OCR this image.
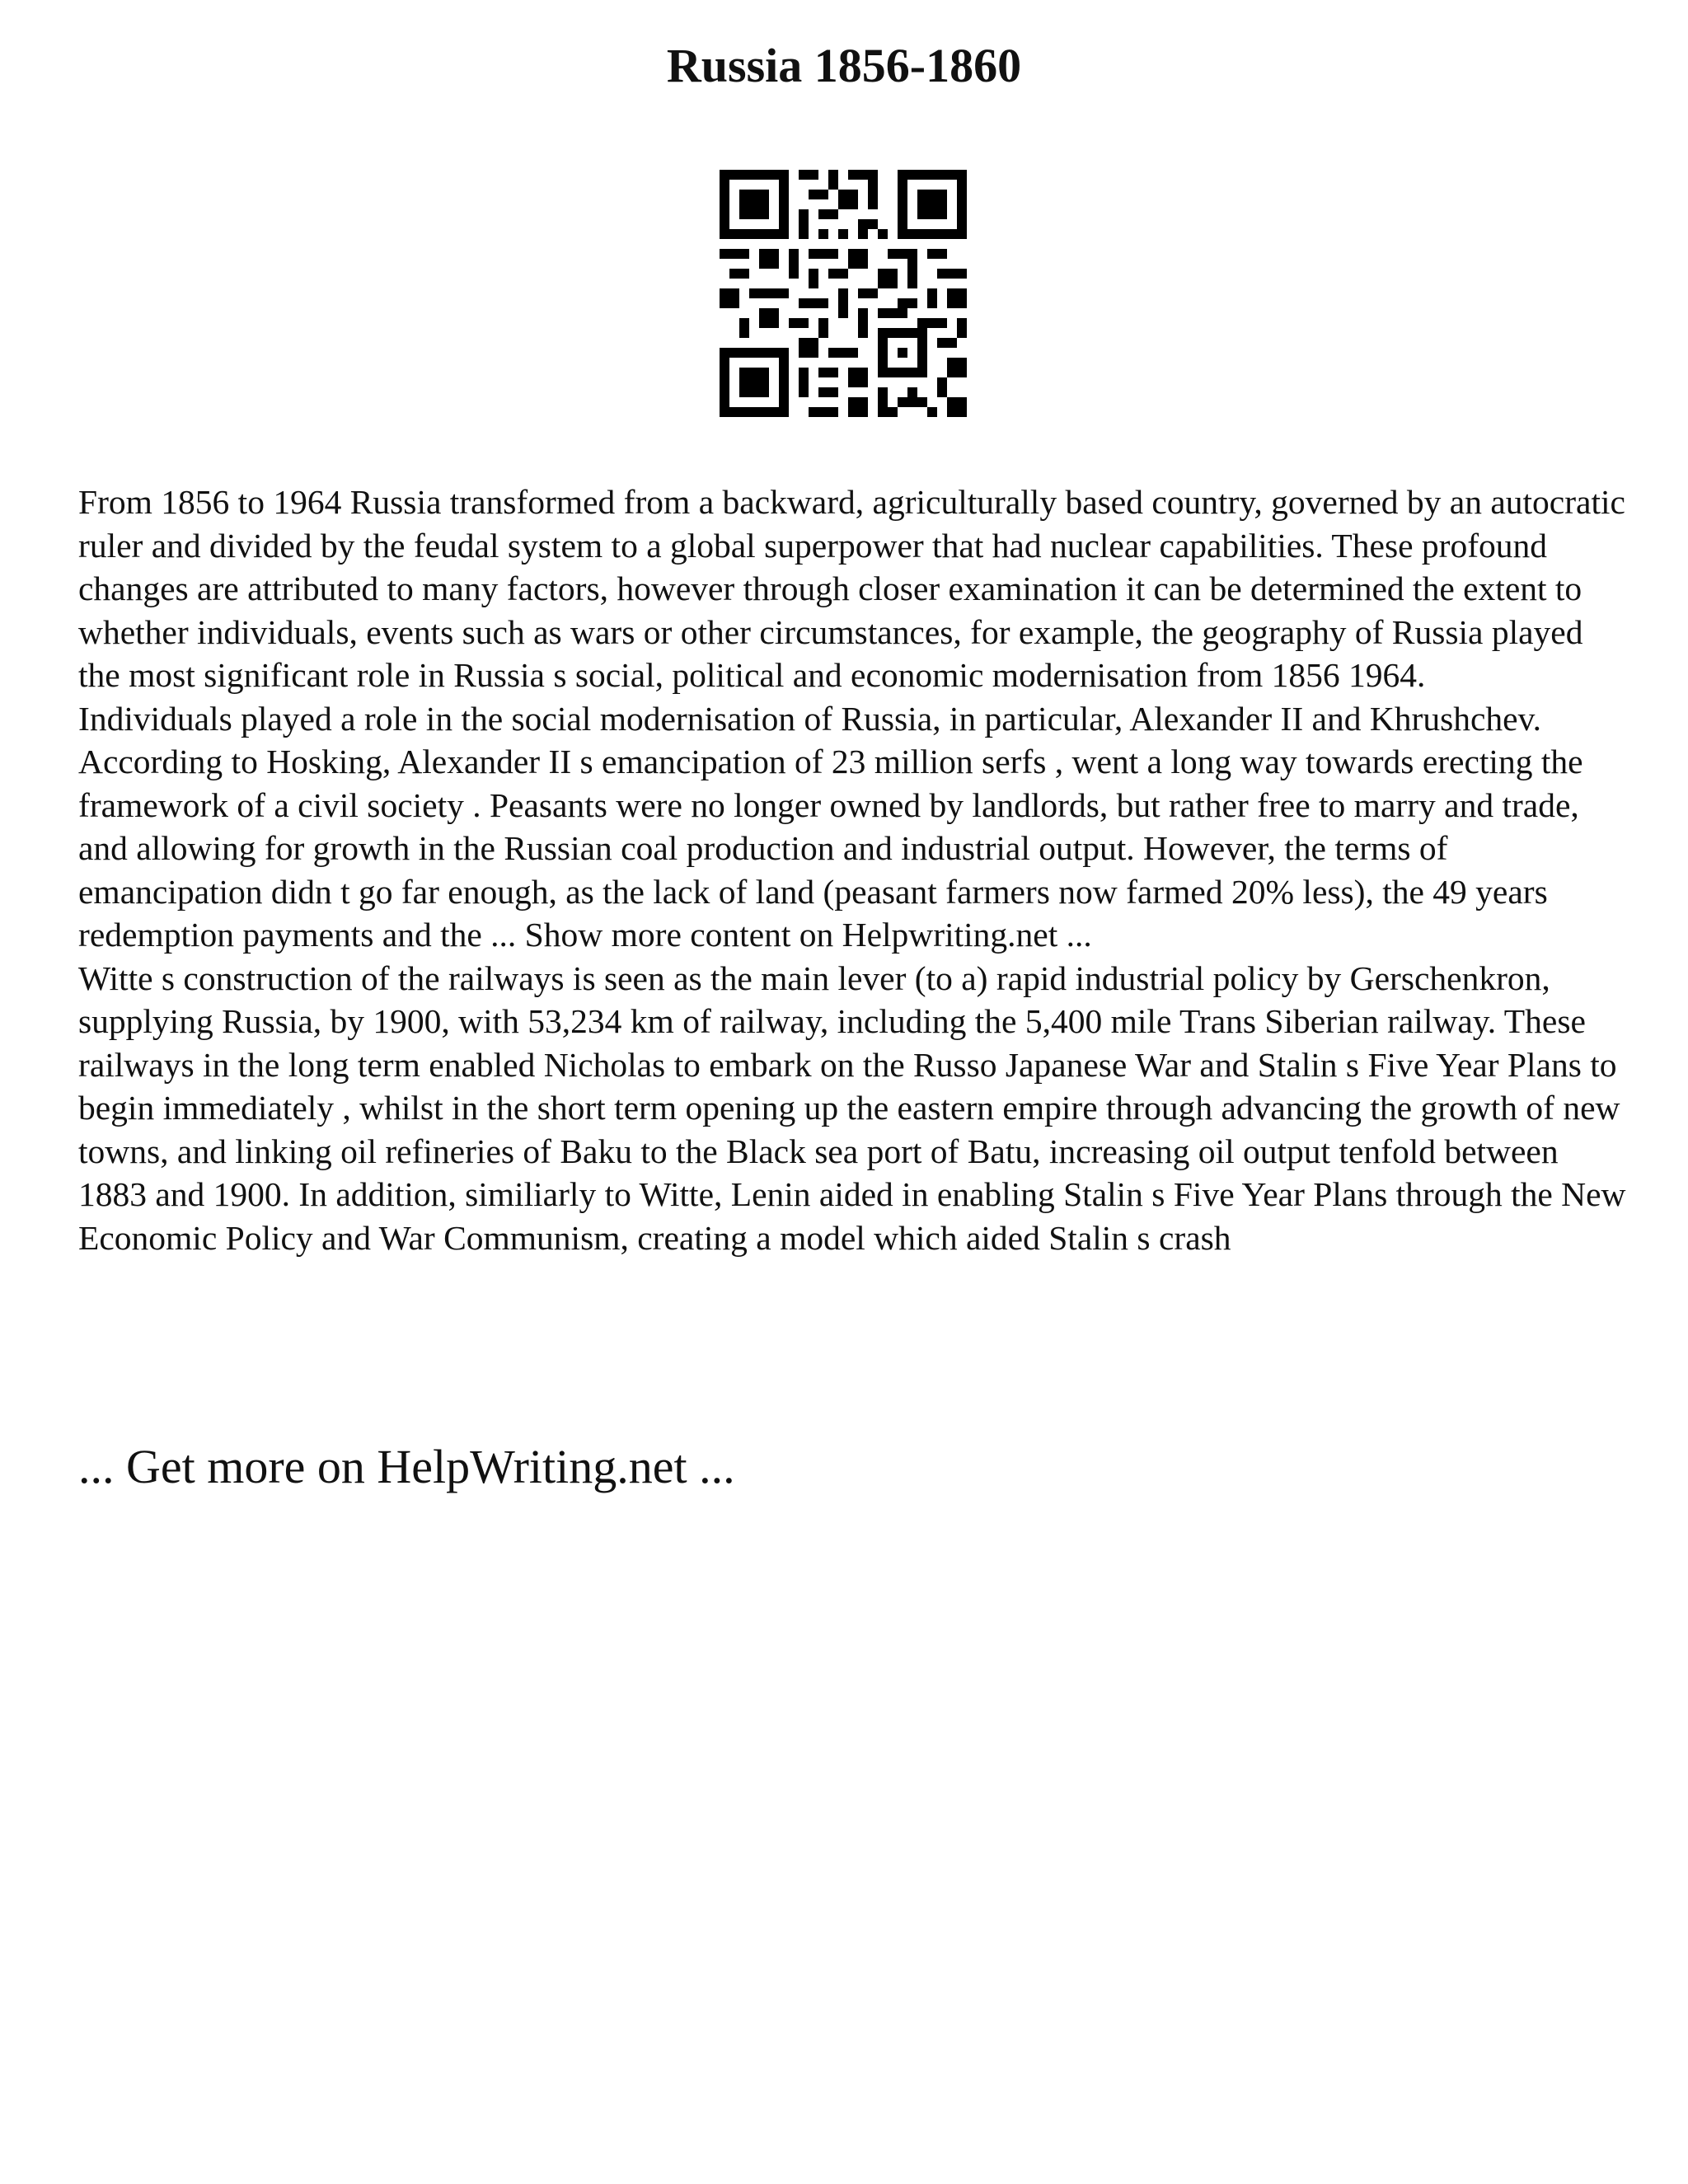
Russia 1856-1860

From 1856 to 1964 Russia transformed from a backward, agriculturally based country, governed by an autocratic ruler and divided by the feudal system to a global superpower that had nuclear capabilities. These profound changes are attributed to many factors, however through closer examination it can be determined the extent to whether individuals, events such as wars or other circumstances, for example, the geography of Russia played the most significant role in Russia s social, political and economic modernisation from 1856 1964.

Individuals played a role in the social modernisation of Russia, in particular, Alexander II and Khrushchev. According to Hosking, Alexander II s emancipation of 23 million serfs , went a long way towards erecting the framework of a civil society . Peasants were no longer owned by landlords, but rather free to marry and trade, and allowing for growth in the Russian coal production and industrial output. However, the terms of emancipation didn t go far enough, as the lack of land (peasant farmers now farmed 20% less), the 49 years redemption payments and the ... Show more content on Helpwriting.net ...

Witte s construction of the railways is seen as the main lever (to a) rapid industrial policy by Gerschenkron, supplying Russia, by 1900, with 53,234 km of railway, including the 5,400 mile Trans Siberian railway. These railways in the long term enabled Nicholas to embark on the Russo Japanese War and Stalin s Five Year Plans to begin immediately , whilst in the short term opening up the eastern empire through advancing the growth of new towns, and linking oil refineries of Baku to the Black sea port of Batu, increasing oil output tenfold between 1883 and 1900. In addition, similiarly to Witte, Lenin aided in enabling Stalin s Five Year Plans through the New Economic Policy and War Communism, creating a model which aided Stalin s crash

... Get more on HelpWriting.net ...
